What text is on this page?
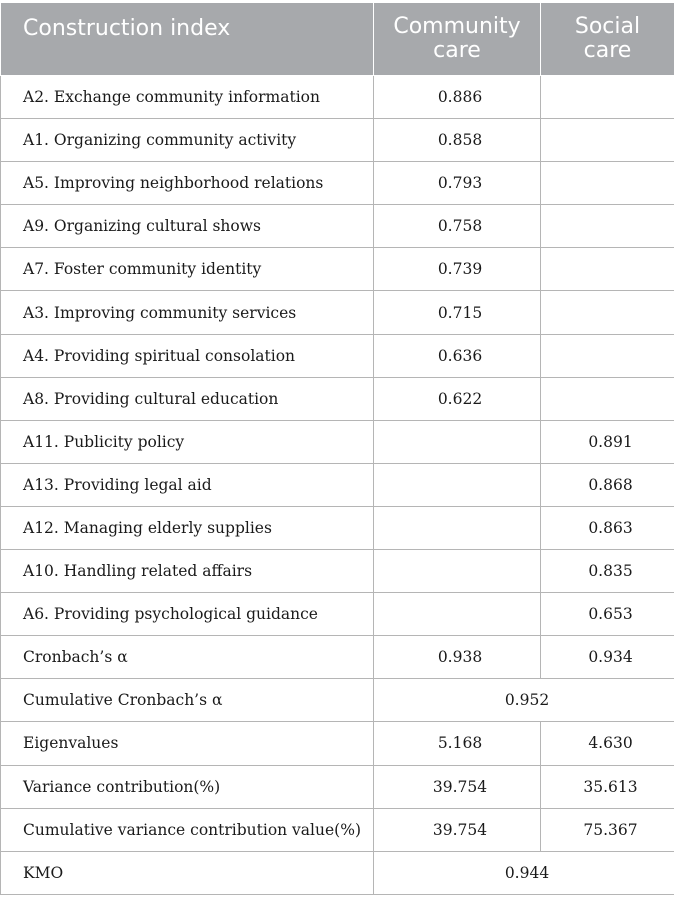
Construction index	Community care	Social care
A2. Exchange community information	0.886	
A1. Organizing community activity	0.858	
A5. Improving neighborhood relations	0.793	
A9. Organizing cultural shows	0.758	
A7. Foster community identity	0.739	
A3. Improving community services	0.715	
A4. Providing spiritual consolation	0.636	
A8. Providing cultural education	0.622	
A11. Publicity policy		0.891
A13. Providing legal aid		0.868
A12. Managing elderly supplies		0.863
A10. Handling related affairs		0.835
A6. Providing psychological guidance		0.653
Cronbach’s α	0.938	0.934
Cumulative Cronbach’s α	0.952	
Eigenvalues	5.168	4.630
Variance contribution(%)	39.754	35.613
Cumulative variance contribution value(%)	39.754	75.367
KMO	0.944	
